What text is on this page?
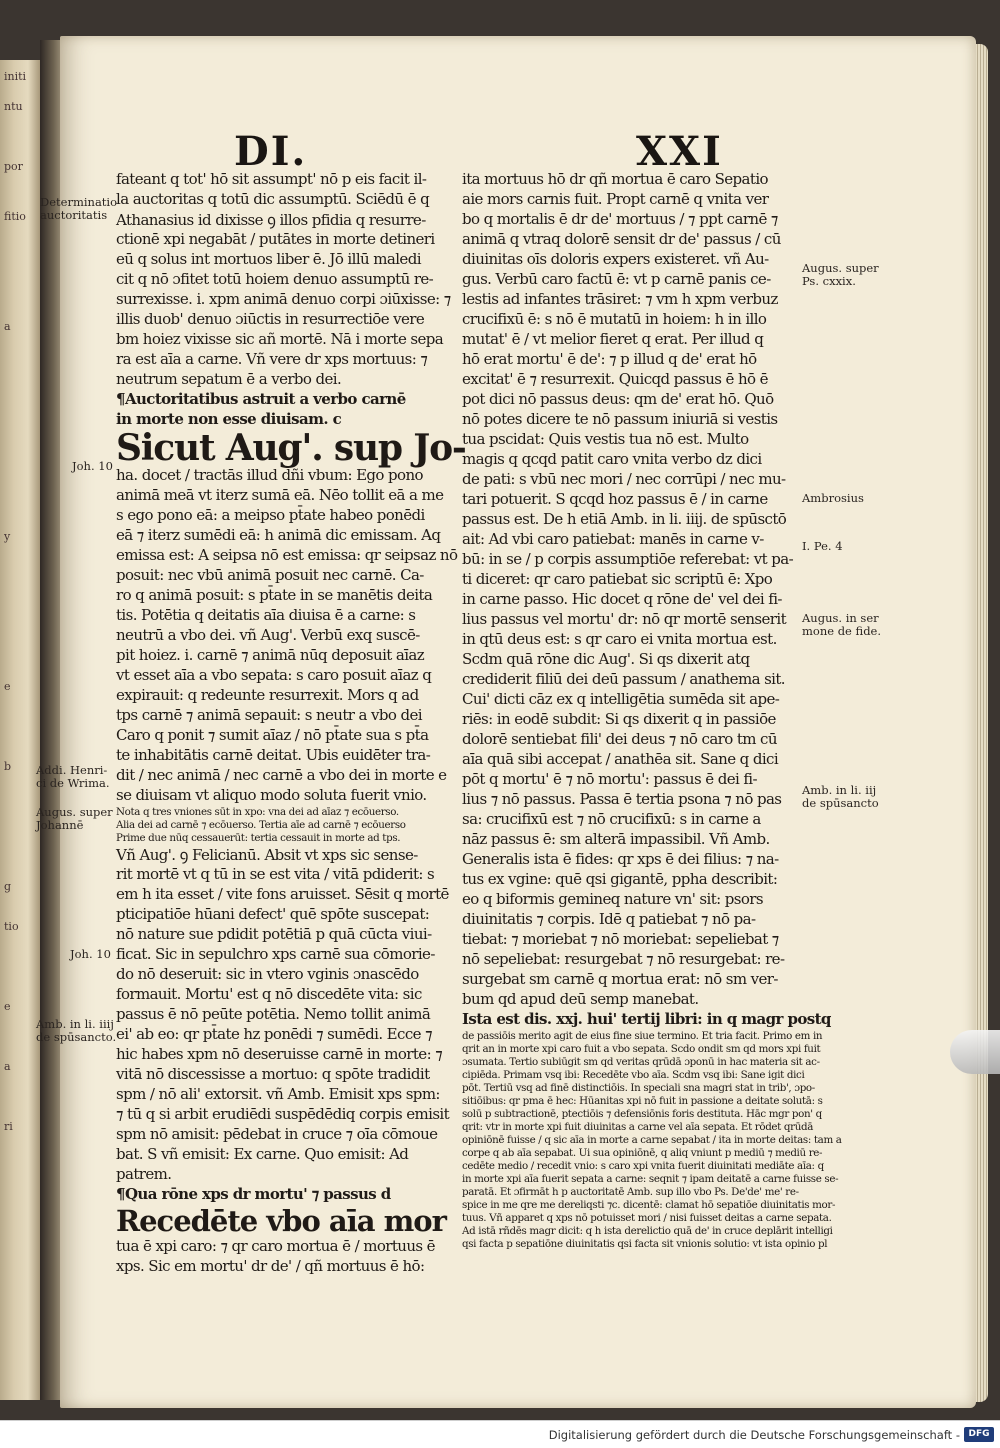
initi
ntu
por
fitio
a
y
e
b
g
tio
e
a
ri
DI.	XXI
fateant q tot' hō sit assumpt' nō p eis facit il-
la auctoritas q totū dic assumptū. Sciēdū ē q
Athanasius id dixisse ꝯ illos pfidia q resurre-
ctionē xpi negabāt / putātes in morte detineri
eū q solus int mortuos liber ē. Jō illū maledi
cit q nō ɔfitet totū hoiem denuo assumptū re-
surrexisse. i. xpm animā denuo corpi ɔiūxisse: ⁊
illis duob' denuo ɔiūctis in resurrectiōe vere
bm hoiez vixisse sic añ mortē. Nā i morte sepa
ra est aīa a carne. Vñ vere dr xps mortuus: ⁊
neutrum sepatum ē a verbo dei.
¶Auctoritatibus astruit a verbo carnē
in morte non esse diuisam. c
Sicut Aug'. sup Jo-
ha. docet / tractās illud dñi vbum: Ego pono
animā meā vt iterz sumā eā. Nēo tollit eā a me
s ego pono eā: a meipso pt̄ate habeo ponēdi
eā ⁊ iterz sumēdi eā: h animā dic emissam. Aq
emissa est: A seipsa nō est emissa: qr seipsaz nō
posuit: nec vbū animā posuit nec carnē. Ca-
ro q animā posuit: s pt̄ate in se manētis deita
tis. Potētia q deitatis aīa diuisa ē a carne: s
neutrū a vbo dei. vñ Aug'. Verbū exq suscē-
pit hoiez. i. carnē ⁊ animā nūq deposuit aīaz
vt esset aīa a vbo sepata: s caro posuit aīaz q
expirauit: q redeunte resurrexit. Mors q ad
tps carnē ⁊ animā sepauit: s neutr a vbo dei
Caro q ponit ⁊ sumit aīaz / nō pt̄ate sua s pt̄a
te inhabitātis carnē deitat. Ubis euidēter tra-
dit / nec animā / nec carnē a vbo dei in morte e
se diuisam vt aliquo modo soluta fuerit vnio.
Nota q tres vniones sūt in xpo: vna dei ad aīaz ⁊ ecōuerso.
Alia dei ad carnē ⁊ ecōuerso. Tertia aīe ad carnē ⁊ ecōuerso
Prime due nūq cessauerūt: tertia cessauit in morte ad tps.
Vñ Aug'. ꝯ Felicianū. Absit vt xps sic sense-
rit mortē vt q tū in se est vita / vitā pdiderit: s
em h ita esset / vite fons aruisset. Sēsit q mortē
pticipatiōe hūani defect' quē spōte suscepat:
nō nature sue pdidit potētiā p quā cūcta viui-
ficat. Sic in sepulchro xps carnē sua cōmorie-
do nō deseruit: sic in vtero vginis ɔnascēdo
formauit. Mortu' est q nō discedēte vita: sic
passus ē nō peūte potētia. Nemo tollit animā
ei' ab eo: qr pt̄ate hz ponēdi ⁊ sumēdi. Ecce ⁊
hic habes xpm nō deseruisse carnē in morte: ⁊
vitā nō discessisse a mortuo: q spōte tradidit
spm / nō ali' extorsit. vñ Amb. Emisit xps spm:
⁊ tū q si arbit erudiēdi suspēdēdiq corpis emisit
spm nō amisit: pēdebat in cruce ⁊ oīa cōmoue
bat. S vñ emisit: Ex carne. Quo emisit: Ad
patrem.
¶Qua rōne xps dr mortu' ⁊ passus d
Recedēte vbo aīa mor
tua ē xpi caro: ⁊ qr caro mortua ē / mortuus ē
xps. Sic em mortu' dr de' / qñ mortuus ē hō:
ita mortuus hō dr qñ mortua ē caro Sepatio
aie mors carnis fuit. Propt carnē q vnita ver
bo q mortalis ē dr de' mortuus / ⁊ ppt carnē ⁊
animā q vtraq dolorē sensit dr de' passus / cū
diuinitas oīs doloris expers existeret. vñ Au-
gus. Verbū caro factū ē: vt p carnē panis ce-
lestis ad infantes trāsiret: ⁊ vm h xpm verbuz
crucifixū ē: s nō ē mutatū in hoiem: h in illo
mutat' ē / vt melior fieret q erat. Per illud q
hō erat mortu' ē de': ⁊ p illud q de' erat hō
excitat' ē ⁊ resurrexit. Quicqd passus ē hō ē
pot dici nō passus deus: qm de' erat hō. Quō
nō potes dicere te nō passum iniuriā si vestis
tua pscidat: Quis vestis tua nō est. Multo
magis q qcqd patit caro vnita verbo dz dici
de pati: s vbū nec mori / nec corrūpi / nec mu-
tari potuerit. S qcqd hoz passus ē / in carne
passus est. De h etiā Amb. in li. iiij. de spūsctō
ait: Ad vbi caro patiebat: manēs in carne v-
bū: in se / p corpis assumptiōe referebat: vt pa-
ti diceret: qr caro patiebat sic scriptū ē: Xpo
in carne passo. Hic docet q rōne de' vel dei fi-
lius passus vel mortu' dr: nō qr mortē senserit
in qtū deus est: s qr caro ei vnita mortua est.
Scdm quā rōne dic Aug'. Si qs dixerit atq
crediderit filiū dei deū passum / anathema sit.
Cui' dicti cāz ex q intelligētia sumēda sit ape-
riēs: in eodē subdit: Si qs dixerit q in passiōe
dolorē sentiebat fili' dei deus ⁊ nō caro tm cū
aīa quā sibi accepat / anathēa sit. Sane q dici
pōt q mortu' ē ⁊ nō mortu': passus ē dei fi-
lius ⁊ nō passus. Passa ē tertia psona ⁊ nō pas
sa: crucifixū est ⁊ nō crucifixū: s in carne a
nāz passus ē: sm alterā impassibil. Vñ Amb.
Generalis ista ē fides: qr xps ē dei filius: ⁊ na-
tus ex vgine: quē qsi gigantē, ppha describit:
eo q biformis gemineq nature vn' sit: psors
diuinitatis ⁊ corpis. Idē q patiebat ⁊ nō pa-
tiebat: ⁊ moriebat ⁊ nō moriebat: sepeliebat ⁊
nō sepeliebat: resurgebat ⁊ nō resurgebat: re-
surgebat sm carnē q mortua erat: nō sm ver-
bum qd apud deū semp manebat.
Ista est dis. xxj. hui' tertij libri: in q magr postq
de passiōis merito agit de eius fine siue termino. Et tria facit. Primo em in
qrit an in morte xpi caro fuit a vbo sepata. Scdo ondit sm qd mors xpi fuit
ɔsumata. Tertio subiūgit sm qd veritas qrūdā ɔponū in hac materia sit ac-
cipiēda. Primam vsq ibi: Recedēte vbo aīa. Scdm vsq ibi: Sane igit dici
pōt. Tertiū vsq ad finē distinctiōis. In speciali sna magri stat in trib', ɔpo-
sitiōibus: qr pma ē hec: Hūanitas xpi nō fuit in passione a deitate solutā: s
solū p subtractionē, ptectiōis ⁊ defensiōnis foris destituta. Hāc mgr pon' q
qrit: vtr in morte xpi fuit diuinitas a carne vel aīa sepata. Et rōdet qrūdā
opiniōnē fuisse / q sic aīa in morte a carne sepabat / ita in morte deitas: tam a
corpe q ab aīa sepabat. Ui sua opiniōnē, q aliq vniunt p mediū ⁊ mediū re-
cedēte medio / recedit vnio: s caro xpi vnita fuerit diuinitati mediāte aīa: q
in morte xpi aīa fuerit sepata a carne: seqnit ⁊ ipam deitatē a carne fuisse se-
paratā. Et ɔfirmāt h p auctoritatē Amb. sup illo vbo Ps. De'de' me' re-
spice in me qre me dereliqsti ⁊c. dicentē: clamat hō sepatiōe diuinitatis mor-
tuus. Vñ apparet q xps nō potuisset mori / nisi fuisset deitas a carne sepata.
Ad istā rñdēs magr dicit: q h ista derelictio quā de' in cruce deplārit intelligi
qsi facta p sepatiōne diuinitatis qsi facta sit vnionis solutio: vt ista opinio pl
Determinatio
auctoritatis
Joh. 10
Addi. Henri-
ci de Wrima.
Augus. super
Johannē
Joh. 10
Amb. in li. iiij
de spūsancto.
Augus. super
Ps. cxxix.
Ambrosius
I. Pe. 4
Augus. in ser
mone de fide.
Amb. in li. iij
de spūsancto
Digitalisierung gefördert durch die Deutsche Forschungsgemeinschaft - DFG
